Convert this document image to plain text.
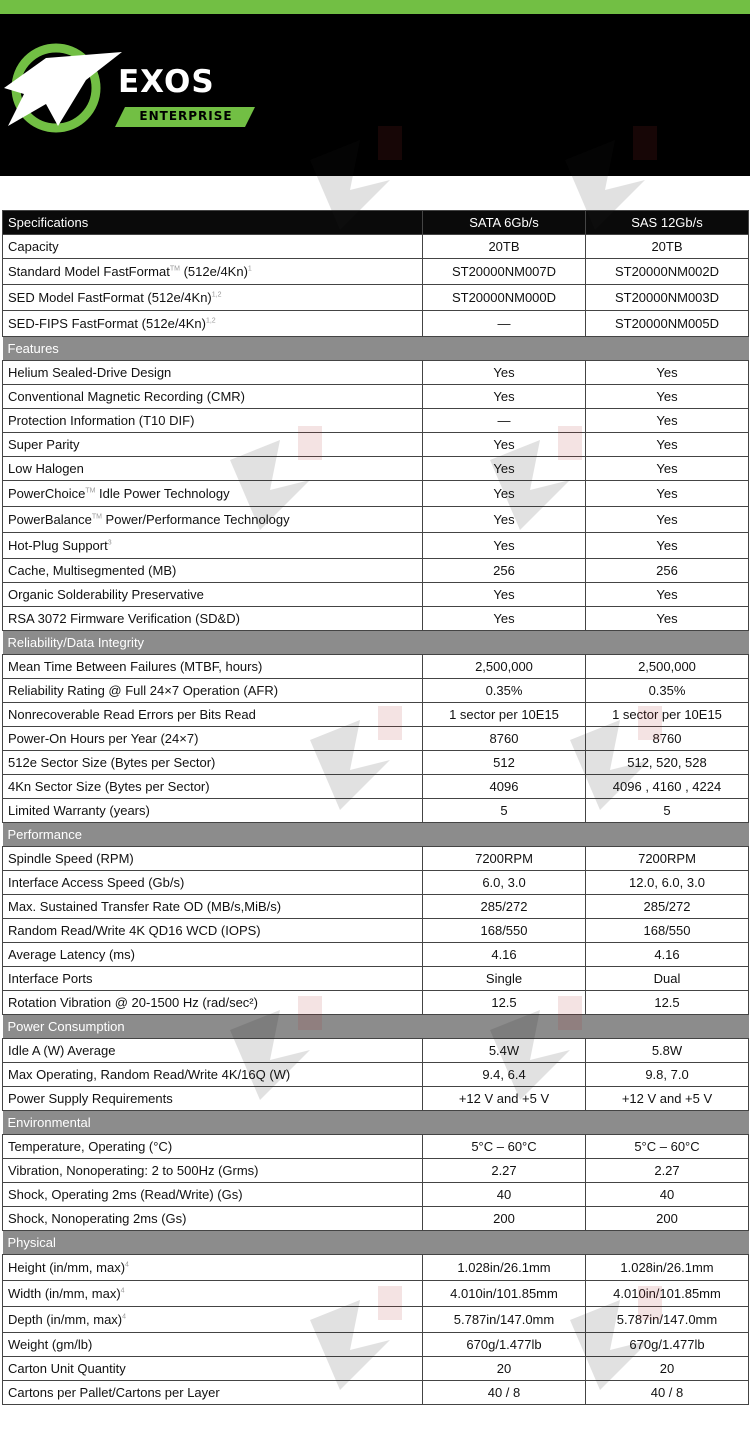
EXOS
ENTERPRISE
Specifications	SATA 6Gb/s	SAS 12Gb/s
Capacity	20TB	20TB
Standard Model FastFormat™ $(512e/4Kn)^1$	ST20000NM007D	ST20000NM002D
SED Model FastFormat $(512e/4Kn)^{1,2}$	ST20000NM000D	ST20000NM003D
SED-FIPS FastFormat $(512e/4Kn)^{1,2}$	—	ST20000NM005D
Features		
Helium Sealed-Drive Design	Yes	Yes
Conventional Magnetic Recording (CMR)	Yes	Yes
Protection Information (T10 DIF)	—	Yes
Super Parity	Yes	Yes
Low Halogen	Yes	Yes
PowerChoice™ Idle Power Technology	Yes	Yes
PowerBalance™ Power/Performance Technology	Yes	Yes
Hot-Plug Support$^3$	Yes	Yes
Cache, Multisegmented (MB)	256	256
Organic Solderability Preservative	Yes	Yes
RSA 3072 Firmware Verification (SD&D)	Yes	Yes
Reliability/Data Integrity		
Mean Time Between Failures (MTBF, hours)	2,500,000	2,500,000
Reliability Rating @ Full 24×7 Operation (AFR)	0.35%	0.35%
Nonrecoverable Read Errors per Bits Read	1 sector per 10E15	1 sector per 10E15
Power-On Hours per Year (24×7)	8760	8760
512e Sector Size (Bytes per Sector)	512	512, 520, 528
4Kn Sector Size (Bytes per Sector)	4096	4096 , 4160 , 4224
Limited Warranty (years)	5	5
Performance		
Spindle Speed (RPM)	7200RPM	7200RPM
Interface Access Speed (Gb/s)	6.0, 3.0	12.0, 6.0, 3.0
Max. Sustained Transfer Rate OD (MB/s,MiB/s)	285/272	285/272
Random Read/Write 4K QD16 WCD (IOPS)	168/550	168/550
Average Latency (ms)	4.16	4.16
Interface Ports	Single	Dual
Rotation Vibration @ 20-1500 Hz (rad/sec²)	12.5	12.5
Power Consumption		
Idle A (W) Average	5.4W	5.8W
Max Operating, Random Read/Write 4K/16Q (W)	9.4, 6.4	9.8, 7.0
Power Supply Requirements	+12 V and +5 V	+12 V and +5 V
Environmental		
Temperature, Operating (°C)	5°C – 60°C	5°C – 60°C
Vibration, Nonoperating: 2 to 500Hz (Grms)	2.27	2.27
Shock, Operating 2ms (Read/Write) (Gs)	40	40
Shock, Nonoperating 2ms (Gs)	200	200
Physical		
Height (in/mm, max)$^4$	1.028in/26.1mm	1.028in/26.1mm
Width (in/mm, max)$^4$	4.010in/101.85mm	4.010in/101.85mm
Depth (in/mm, max)$^4$	5.787in/147.0mm	5.787in/147.0mm
Weight (gm/lb)	670g/1.477lb	670g/1.477lb
Carton Unit Quantity	20	20
Cartons per Pallet/Cartons per Layer	40 / 8	40 / 8
